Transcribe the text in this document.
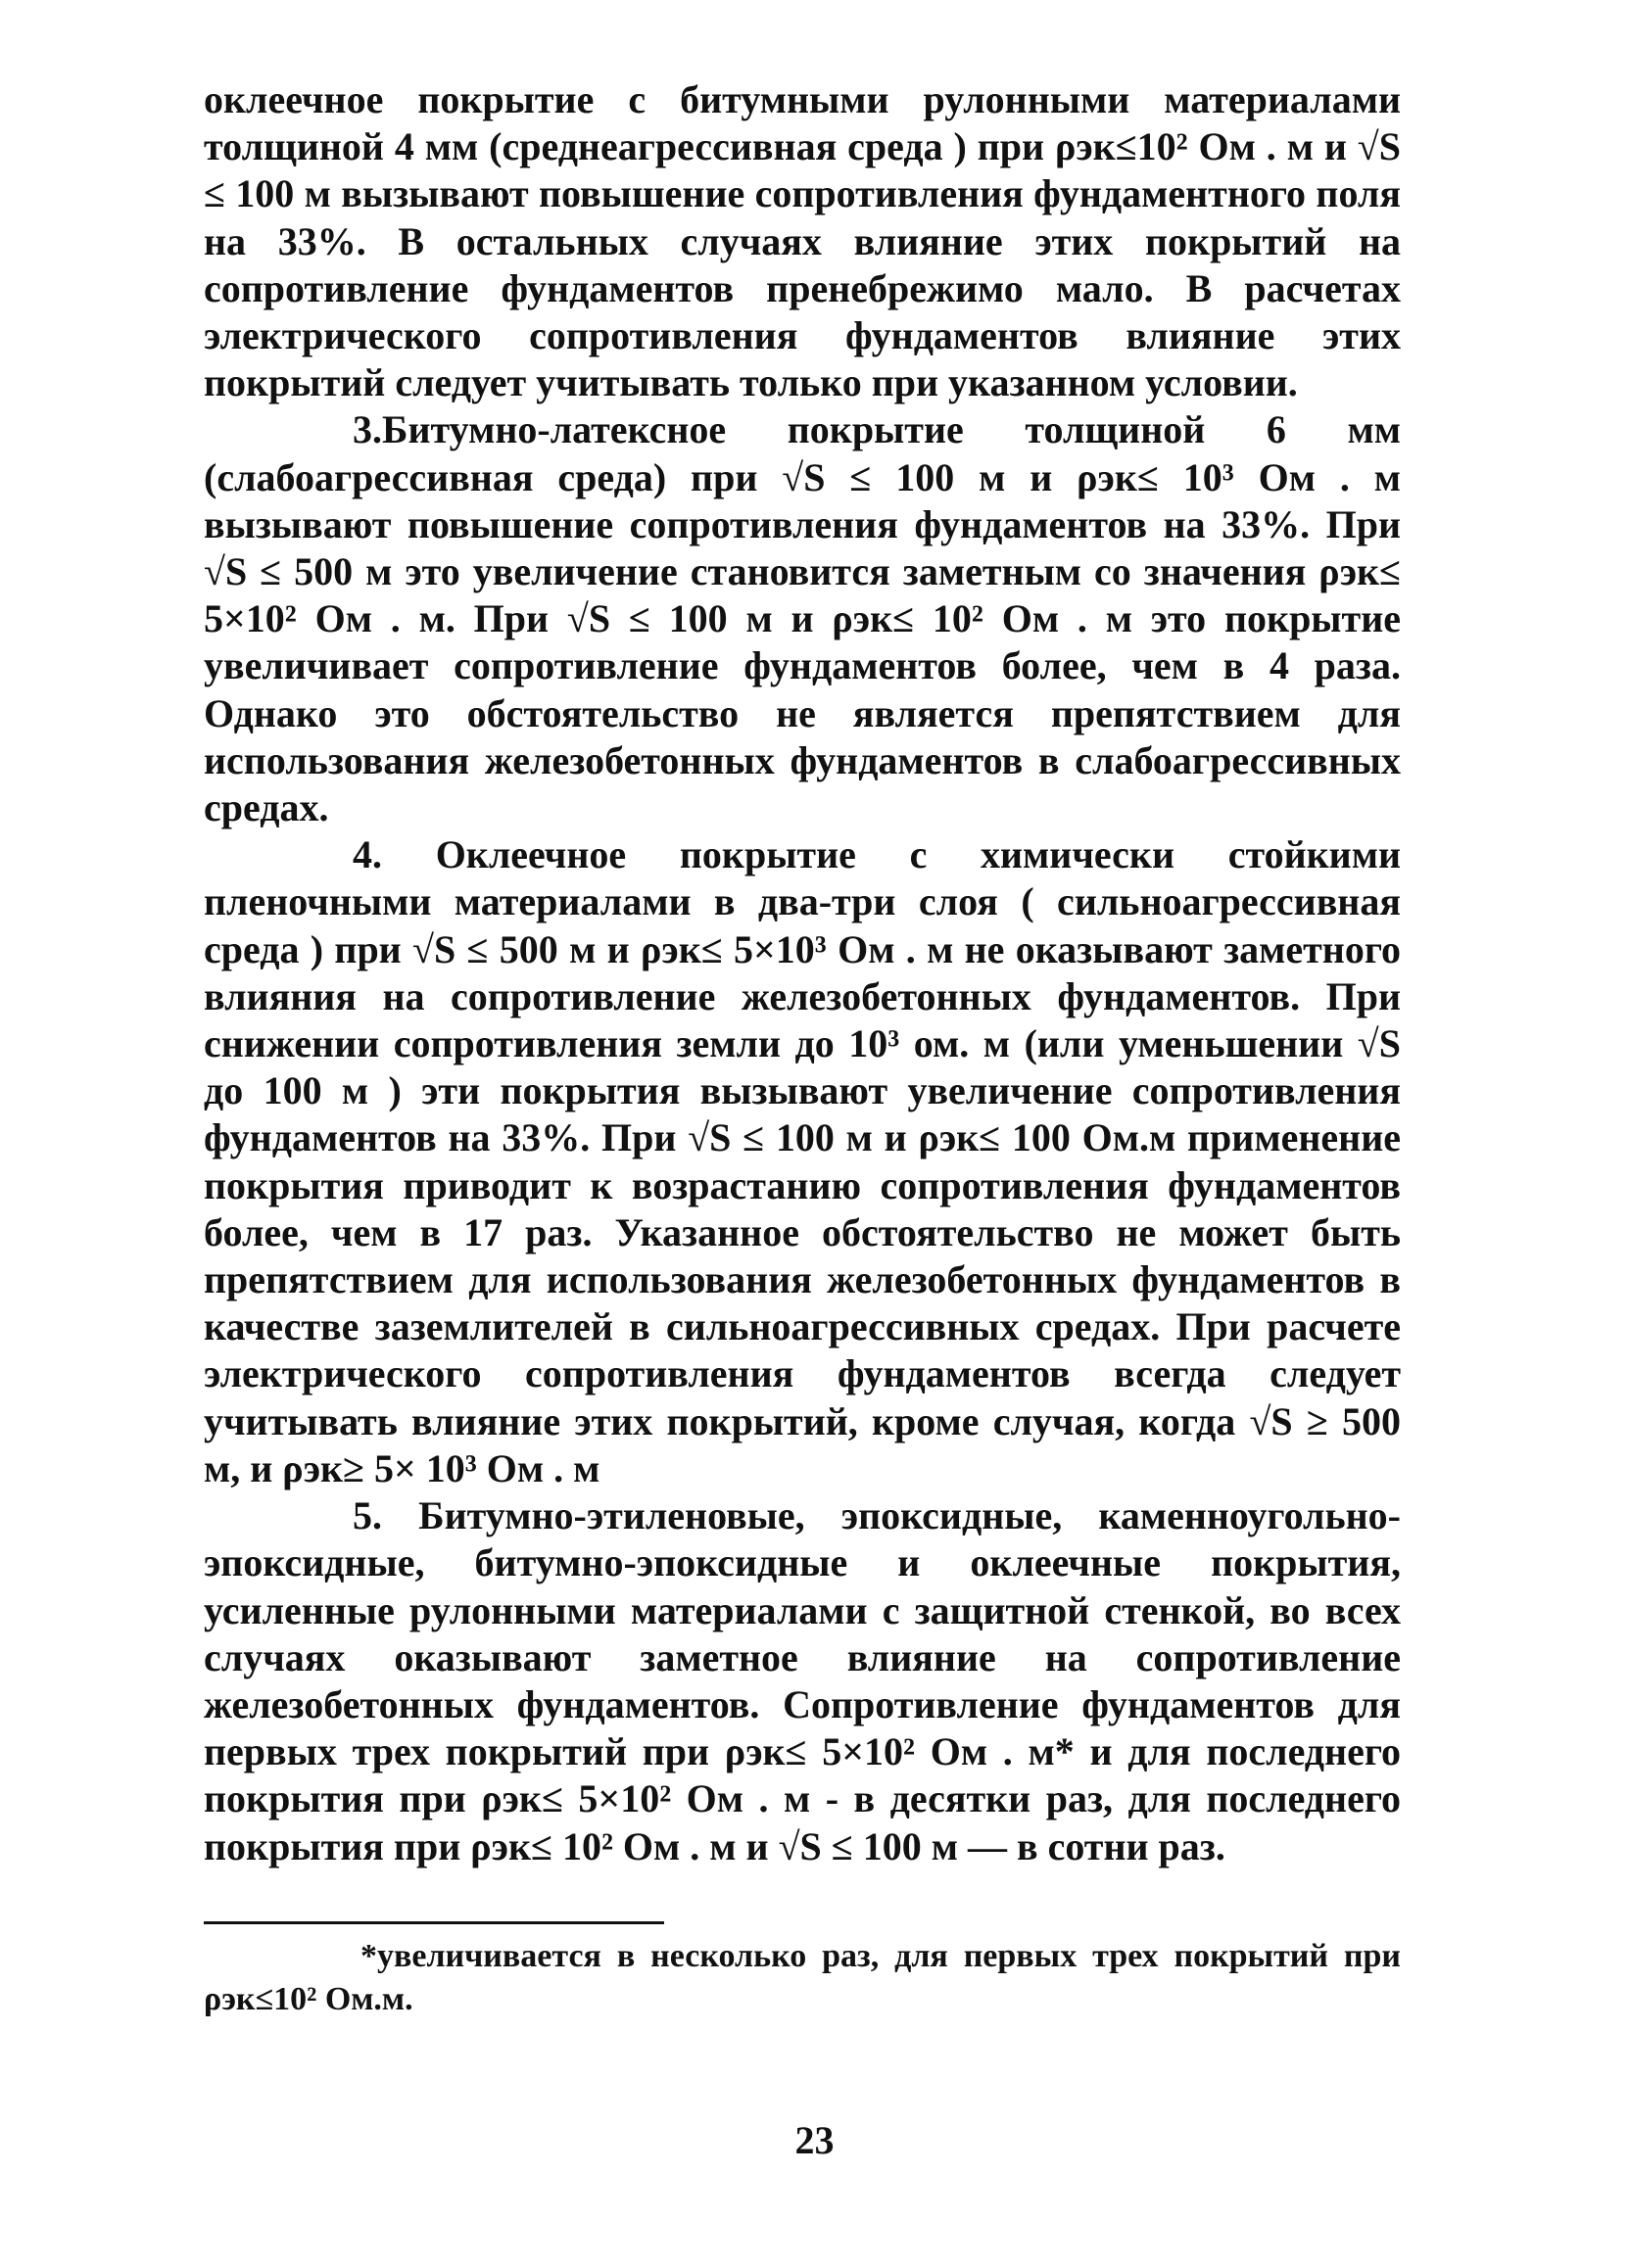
оклеечное покрытие с битумными рулонными материалами толщиной 4 мм (среднеагрессивная среда ) при ρэк≤10² Ом . м и √S ≤ 100 м вызывают повышение сопротивления фундаментного поля на 33%. В остальных случаях влияние этих покрытий на сопротивление фундаментов пренебрежимо мало. В расчетах электрического сопротивления фундаментов влияние этих покрытий следует учитывать только при указанном условии.

3.Битумно-латексное покрытие толщиной 6 мм (слабоагрессивная среда) при √S ≤ 100 м и ρэк≤ 10³ Ом . м вызывают повышение сопротивления фундаментов на 33%. При √S ≤ 500 м это увеличение становится заметным со значения ρэк≤ 5×10² Ом . м. При √S ≤ 100 м и ρэк≤ 10² Ом . м это покрытие увеличивает сопротивление фундаментов более, чем в 4 раза. Однако это обстоятельство не является препятствием для использования железобетонных фундаментов в слабоагрессивных средах.

4. Оклеечное покрытие с химически стойкими пленочными материалами в два-три слоя ( сильноагрессивная среда ) при √S ≤ 500 м и ρэк≤ 5×10³ Ом . м не оказывают заметного влияния на сопротивление железобетонных фундаментов. При снижении сопротивления земли до 10³ ом. м (или уменьшении √S до 100 м ) эти покрытия вызывают увеличение сопротивления фундаментов на 33%. При √S ≤ 100 м и ρэк≤ 100 Ом.м применение покрытия приводит к возрастанию сопротивления фундаментов более, чем в 17 раз. Указанное обстоятельство не может быть препятствием для использования железобетонных фундаментов в качестве заземлителей в сильноагрессивных средах. При расчете электрического сопротивления фундаментов всегда следует учитывать влияние этих покрытий, кроме случая, когда √S ≥ 500 м, и ρэк≥ 5× 10³ Ом . м

5. Битумно-этиленовые, эпоксидные, каменноугольно-эпоксидные, битумно-эпоксидные и оклеечные покрытия, усиленные рулонными материалами с защитной стенкой, во всех случаях оказывают заметное влияние на сопротивление железобетонных фундаментов. Сопротивление фундаментов для первых трех покрытий при ρэк≤ 5×10² Ом . м* и для последнего покрытия при ρэк≤ 5×10² Ом . м - в десятки раз, для последнего покрытия при ρэк≤ 10² Ом . м и √S ≤ 100 м — в сотни раз.

*увеличивается в несколько раз, для первых трех покрытий при ρэк≤10² Ом.м.

23
